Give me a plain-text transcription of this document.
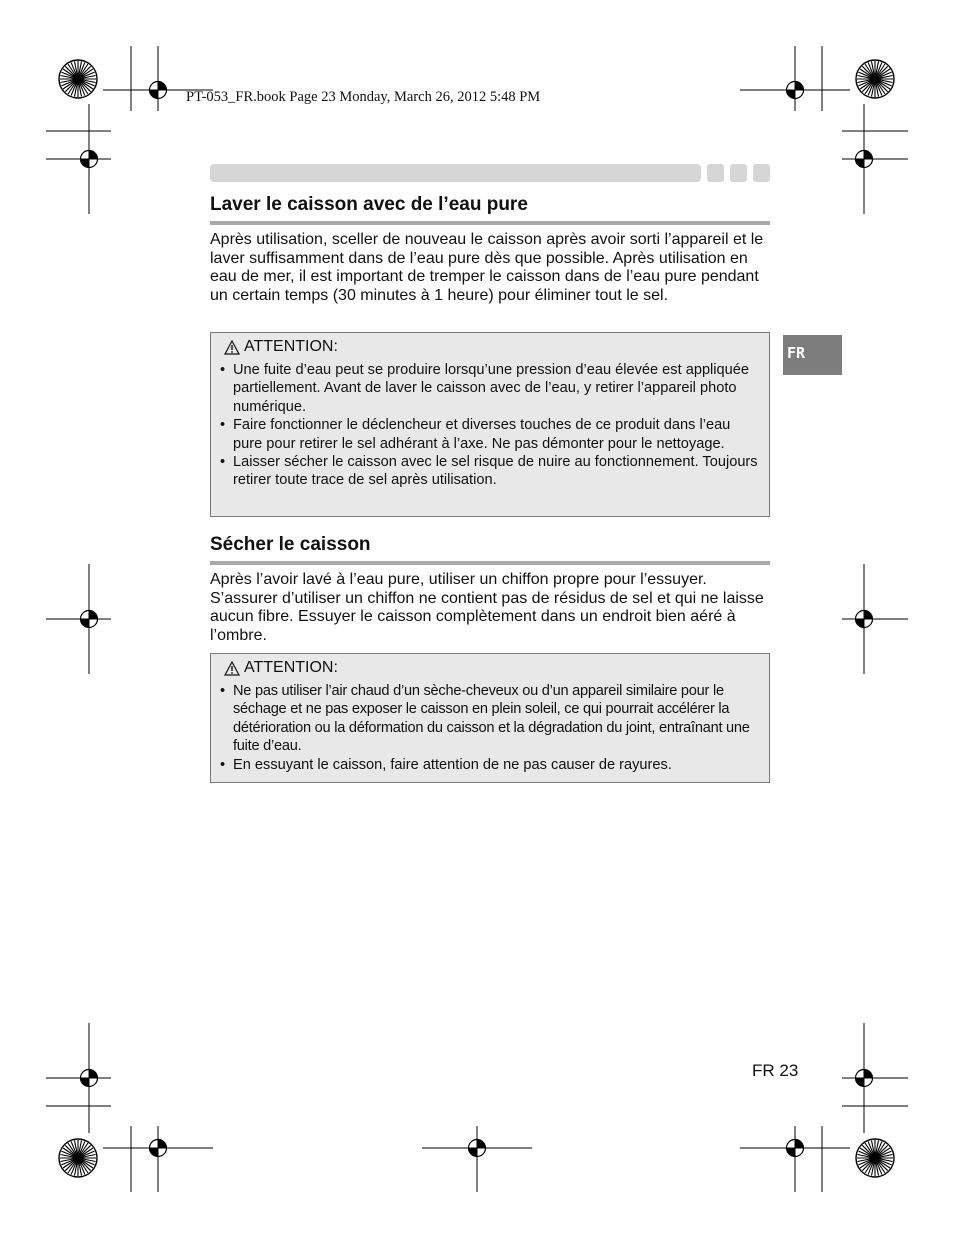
PT-053_FR.book Page 23 Monday, March 26, 2012 5:48 PM
FR
Laver le caisson avec de l’eau pure

Après utilisation, sceller de nouveau le caisson après avoir sorti l’appareil et le laver suffisamment dans de l’eau pure dès que possible. Après utilisation en eau de mer, il est important de tremper le caisson dans de l’eau pure pendant un certain temps (30 minutes à 1 heure) pour éliminer tout le sel.

ATTENTION:
• Une fuite d’eau peut se produire lorsqu’une pression d’eau élevée est appliquée partiellement. Avant de laver le caisson avec de l’eau, y retirer l’appareil photo numérique.
• Faire fonctionner le déclencheur et diverses touches de ce produit dans l’eau pure pour retirer le sel adhérant à l’axe. Ne pas démonter pour le nettoyage.
• Laisser sécher le caisson avec le sel risque de nuire au fonctionnement. Toujours retirer toute trace de sel après utilisation.
Sécher le caisson

Après l’avoir lavé à l’eau pure, utiliser un chiffon propre pour l’essuyer. S’assurer d’utiliser un chiffon ne contient pas de résidus de sel et qui ne laisse aucun fibre. Essuyer le caisson complètement dans un endroit bien aéré à l’ombre.

ATTENTION:
• Ne pas utiliser l’air chaud d’un sèche-cheveux ou d’un appareil similaire pour le séchage et ne pas exposer le caisson en plein soleil, ce qui pourrait accélérer la détérioration ou la déformation du caisson et la dégradation du joint, entraînant une fuite d’eau.
• En essuyant le caisson, faire attention de ne pas causer de rayures.
FR 23
